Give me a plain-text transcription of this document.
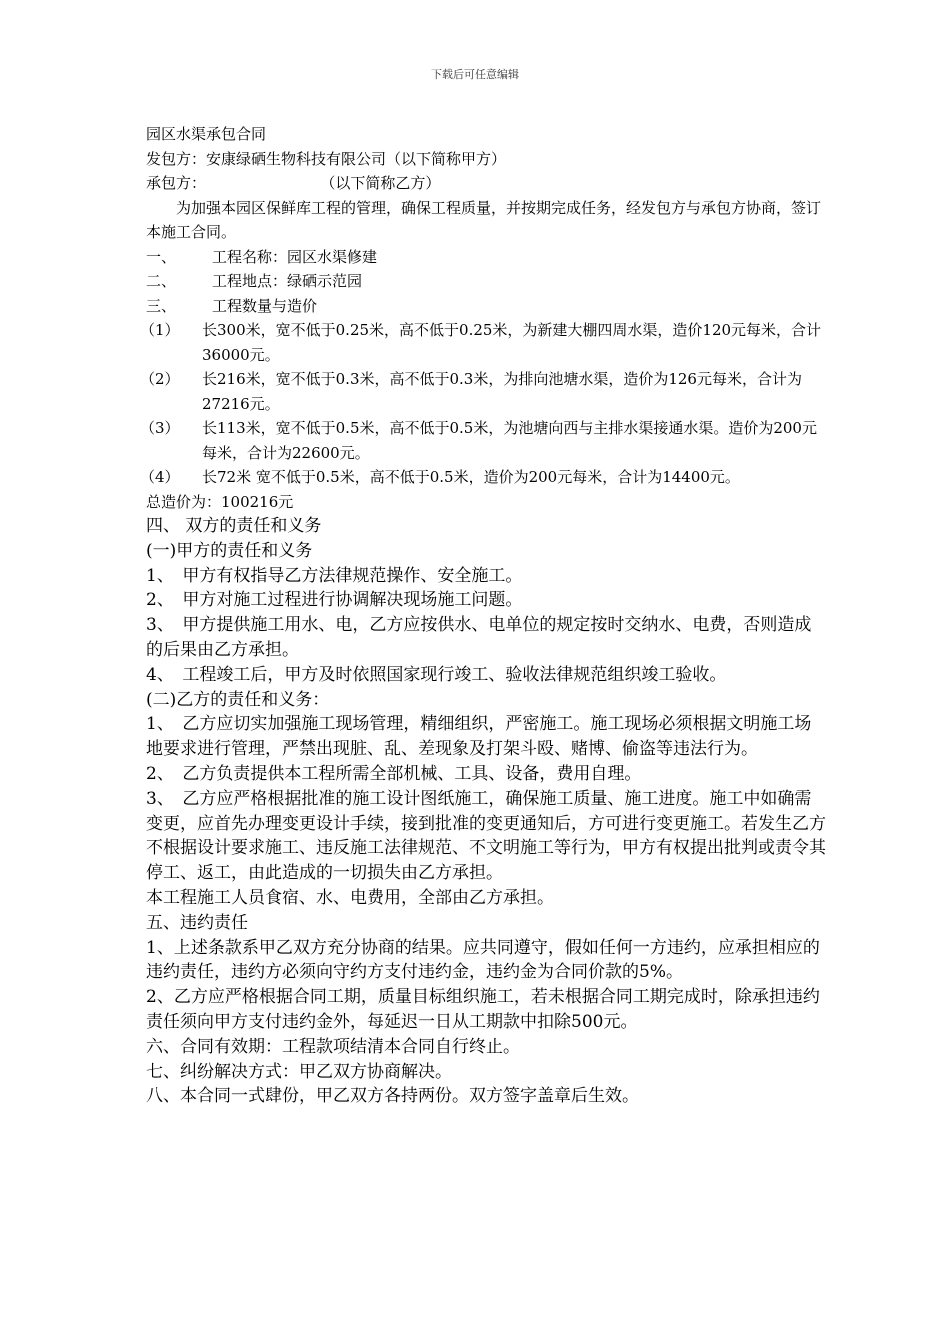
下载后可任意编辑
园区水渠承包合同
发包方：安康绿硒生物科技有限公司（以下简称甲方）
承包方：                        （以下简称乙方）
为加强本园区保鲜库工程的管理，确保工程质量，并按期完成任务，经发包方与承包方协商，签订本施工合同。
一、	工程名称：园区水渠修建
二、	工程地点：绿硒示范园
三、	工程数量与造价
（1）	长300米，宽不低于0.25米，高不低于0.25米，为新建大棚四周水渠，造价120元每米，合计36000元。
（2）	长216米，宽不低于0.3米，高不低于0.3米，为排向池塘水渠，造价为126元每米，合计为27216元。
（3）	长113米，宽不低于0.5米，高不低于0.5米，为池塘向西与主排水渠接通水渠。造价为200元每米，合计为22600元。
（4）	长72米 宽不低于0.5米，高不低于0.5米，造价为200元每米，合计为14400元。
总造价为：100216元
四、 双方的责任和义务
(一)甲方的责任和义务
1、　甲方有权指导乙方法律规范操作、安全施工。
2、　甲方对施工过程进行协调解决现场施工问题。
3、　甲方提供施工用水、电，乙方应按供水、电单位的规定按时交纳水、电费，否则造成的后果由乙方承担。
4、　工程竣工后，甲方及时依照国家现行竣工、验收法律规范组织竣工验收。
(二)乙方的责任和义务：
1、　乙方应切实加强施工现场管理，精细组织，严密施工。施工现场必须根据文明施工场地要求进行管理，严禁出现脏、乱、差现象及打架斗殴、赌博、偷盗等违法行为。
2、　乙方负责提供本工程所需全部机械、工具、设备，费用自理。
3、　乙方应严格根据批准的施工设计图纸施工，确保施工质量、施工进度。施工中如确需变更，应首先办理变更设计手续，接到批准的变更通知后，方可进行变更施工。若发生乙方不根据设计要求施工、违反施工法律规范、不文明施工等行为，甲方有权提出批判或责令其停工、返工，由此造成的一切损失由乙方承担。
本工程施工人员食宿、水、电费用，全部由乙方承担。
五、违约责任
1、上述条款系甲乙双方充分协商的结果。应共同遵守，假如任何一方违约，应承担相应的违约责任，违约方必须向守约方支付违约金，违约金为合同价款的5%。
2、乙方应严格根据合同工期，质量目标组织施工，若未根据合同工期完成时，除承担违约责任须向甲方支付违约金外，每延迟一日从工期款中扣除500元。
六、合同有效期：工程款项结清本合同自行终止。
七、纠纷解决方式：甲乙双方协商解决。
八、本合同一式肆份，甲乙双方各持两份。双方签字盖章后生效。
